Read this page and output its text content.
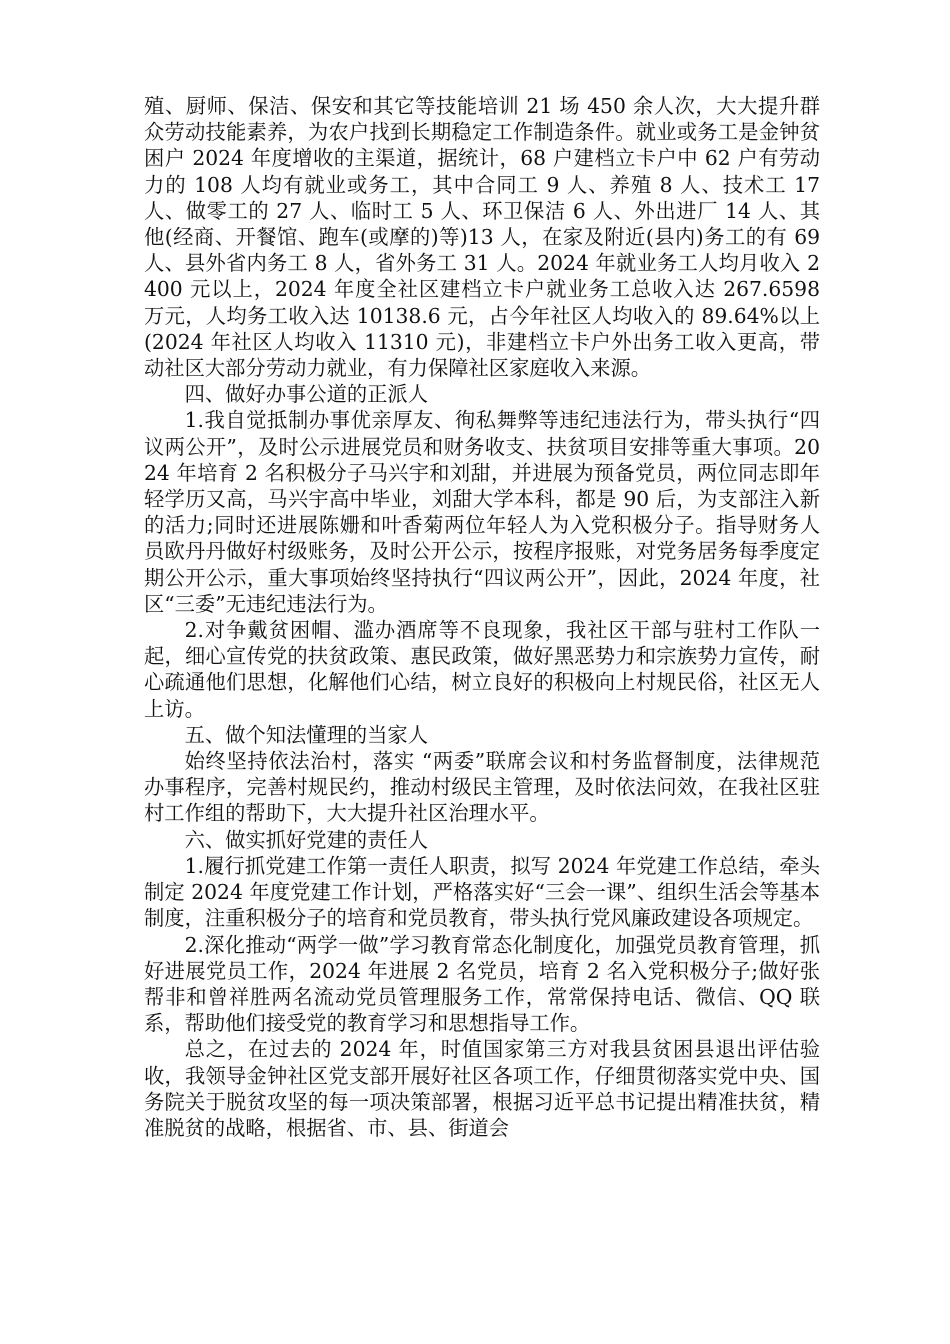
殖、厨师、保洁、保安和其它等技能培训 21 场 450 余人次，大大提升群众劳动技能素养，为农户找到长期稳定工作制造条件。就业或务工是金钟贫困户 2024 年度增收的主渠道，据统计，68 户建档立卡户中 62 户有劳动力的 108 人均有就业或务工，其中合同工 9 人、养殖 8 人、技术工 17 人、做零工的 27 人、临时工 5 人、环卫保洁 6 人、外出进厂 14 人、其他(经商、开餐馆、跑车(或摩的)等)13 人，在家及附近(县内)务工的有 69 人、县外省内务工 8 人，省外务工 31 人。2024 年就业务工人均月收入 2400 元以上，2024 年度全社区建档立卡户就业务工总收入达 267.6598 万元，人均务工收入达 10138.6 元，占今年社区人均收入的 89.64%以上(2024 年社区人均收入 11310 元)，非建档立卡户外出务工收入更高，带动社区大部分劳动力就业，有力保障社区家庭收入来源。

四、做好办事公道的正派人

1.我自觉抵制办事优亲厚友、徇私舞弊等违纪违法行为，带头执行“四议两公开”，及时公示进展党员和财务收支、扶贫项目安排等重大事项。2024 年培育 2 名积极分子马兴宇和刘甜，并进展为预备党员，两位同志即年轻学历又高，马兴宇高中毕业，刘甜大学本科，都是 90 后，为支部注入新的活力;同时还进展陈姗和叶香菊两位年轻人为入党积极分子。指导财务人员欧丹丹做好村级账务，及时公开公示，按程序报账，对党务居务每季度定期公开公示，重大事项始终坚持执行“四议两公开”，因此，2024 年度，社区“三委”无违纪违法行为。

2.对争戴贫困帽、滥办酒席等不良现象，我社区干部与驻村工作队一起，细心宣传党的扶贫政策、惠民政策，做好黑恶势力和宗族势力宣传，耐心疏通他们思想，化解他们心结，树立良好的积极向上村规民俗，社区无人上访。

五、做个知法懂理的当家人

始终坚持依法治村，落实 “两委”联席会议和村务监督制度，法律规范办事程序，完善村规民约，推动村级民主管理，及时依法问效，在我社区驻村工作组的帮助下，大大提升社区治理水平。

六、做实抓好党建的责任人

1.履行抓党建工作第一责任人职责，拟写 2024 年党建工作总结，牵头制定 2024 年度党建工作计划，严格落实好“三会一课”、组织生活会等基本制度，注重积极分子的培育和党员教育，带头执行党风廉政建设各项规定。

2.深化推动“两学一做”学习教育常态化制度化，加强党员教育管理，抓好进展党员工作，2024 年进展 2 名党员，培育 2 名入党积极分子;做好张帮非和曾祥胜两名流动党员管理服务工作，常常保持电话、微信、QQ 联系，帮助他们接受党的教育学习和思想指导工作。

总之，在过去的 2024 年，时值国家第三方对我县贫困县退出评估验收，我领导金钟社区党支部开展好社区各项工作，仔细贯彻落实党中央、国务院关于脱贫攻坚的每一项决策部署，根据习近平总书记提出精准扶贫，精准脱贫的战略，根据省、市、县、街道会
